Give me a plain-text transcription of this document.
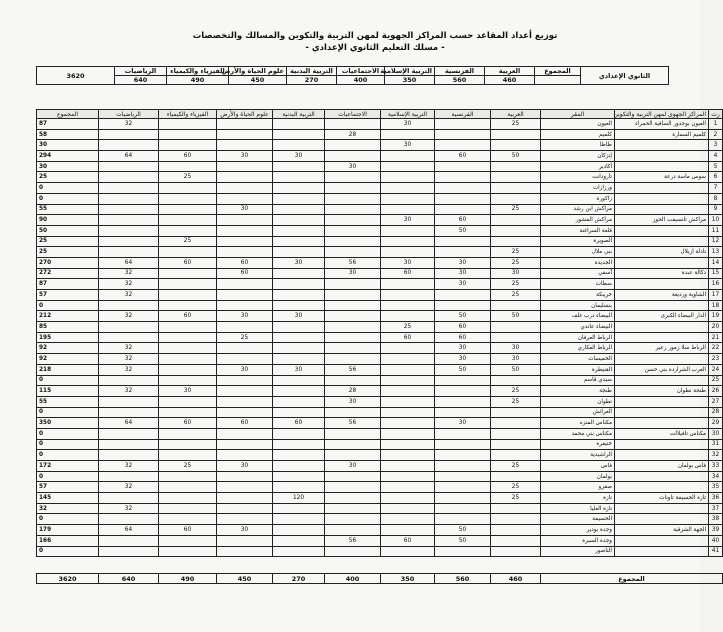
توزيع أعداد المقاعد حسب المراكز الجهوية لمهن التربية والتكوين والمسالك والتخصصات
- مسلك التعليم الثانوي الإعدادي -
الثانوي الإعدادي	المجموع	العربية	الفرنسية	التربية الإسلامية	الاجتماعيات	التربية البدنية	علوم الحياة والأرض	الفيزياء والكيمياء	الرياضيات	3620
		460	560	350	400	270	450	490	640	
رت	المراكز الجهوي لمهن التربية والتكوين	المقر	العربية	الفرنسية	التربية الإسلامية	الاجتماعيات	التربية البدنية	علوم الحياة والأرض	الفيزياء والكيمياء	الرياضيات	المجموع
1	العيون بوجدور الساقية الحمراء	العيون	25		30					32	87
2	كلميم السمارة	كلميم				28					58
3		طاطا			30						30
4		إنزكان	50	60			30	30	60	64	294
5		أكادير				30					30
6	سوس ماسة درعة	تارودانت							25		25
7		ورزازات									0
8		زاكورة									0
9		مراكش ابن رشد	25					30			55
10	مراكش تانسيفت الحوز	مراكش المشور		60	30						90
11		قلعة السراغنة		50							50
12		الصويرة							25		25
13	تادلة أزيلال	بني ملال	25								25
14		الجديدة	25	30	30	56	30	60	60	64	270
15	دكالة عبدة	آسفي	30	30	60	30		60		32	272
16		سطات	25	30						32	87
17	الشاوية ورديغة	خريبكة	25							32	57
18		بنسليمان									0
19	الدار البيضاء الكبرى	البيضاء درب غلف	50	50			30	30	60	32	212
20		البيضاء عاندي		60	25						85
21		الرباط العرفان		60	60			25			195
22	الرباط سلا زمور زعير	الرباط العكاري	30	30						32	92
23		الخميسات	30	30						32	92
24	الغرب الشراردة بني حسن	القنيطرة	50	50		56	30	30		32	218
25		سيدي قاسم									0
26	طنجة تطوان	طنجة	25			28			30	32	115
27		تطوان	25			30					55
28		العرائش									0
29		مكناس المنزه		30		56	60	60	60	64	350
30	مكناس تافيلالت	مكناس بني محمد									0
31		خنيفرة									0
32		الراشيدية									0
33	فاس بولمان	فاس	25			30		30	25	32	172
34		بولمان									0
35		صفرو	25							32	57
36	تازة الحسيمة تاونات	تازة	25				120				145
37		تازة العليا								32	32
38		الحسيمة									0
39	الجهة الشرقية	وجدة بودير		50				30	60	64	179
40		وجدة السيرة		50	60	56					166
41		الناضور									0
المجموع	460	560	350	400	270	450	490	640	3620
